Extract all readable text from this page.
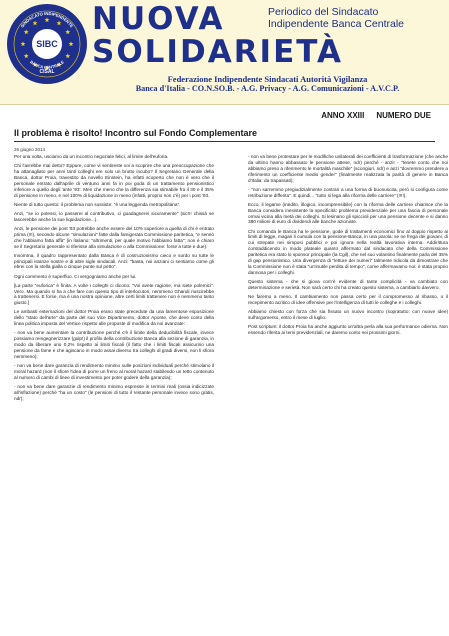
SIBC
CISAL
SINDACATO INDIPENDENTE
BANCA CENTRALE
NUOVA
SOLIDARIETÀ
Periodico del Sindacato
Indipendente Banca Centrale
Federazione Indipendente Sindacati Autorità Vigilanza
Banca d'Italia - CO.N.SO.B. - A.G. Privacy - A.G. Comunicazioni - A.V.C.P.
ANNO XXIII NUMERO DUE
Il problema è risolto! Incontro sul Fondo Complementare
26 giugno 2014

Per una volta, usciamo da un incontro negoziale felici, al limite dell'euforia.

Chi l'avrebbe mai detto? Eppure, come vi sentireste voi a scoprire che una preoccupazione che ha attanagliato per anni tanti colleghi ere solo un brutto incubo? Il Segretario Generale della Banca, dottor Proia, travestito da novello Einstein, ha infatti scoperto che non è vero che il personale entrato dall'aprile di ventuno anni fa in poi goda di un trattamento pensionistico inferiore a quello degli 'ante '93'. Men che meno che la differenza sia stimabile fra il 30 e il 35% di pensione in meno, e nel 100% di liquidazione in meno (infatti, proprio non c'è) per i post '93.

Niente di tutto questo: il problema non sussiste: "è una leggenda metropolitana".

Anzi, "se io potessi, io passerei al contributivo, ci guadagnerei sicuramente" (sic!!! chissà se lascerebbe anche la sue liquidazione...).

Anzi, le pensione dei post '93 potrebbe anche essere del 10% superiore a quella di chi è entrato prima (!!!), secondo alcune "simulazioni" fatte dalla famigerata Commissione paritetica, "e sennò che l'abbiamo fatta affà" (in italiano: "altrimenti, per quale motivo l'abbiamo fatta"; non è chiaro se il Segretario generale si riferisse alla simulazione o alla Commissione: forse a tutte e due).

Insomma, il quadro rappresentato dalla Banca è di costruzionismo cieco e sordo su tutte le principali istanze nostre e di altre sigle sindacali. Anzi: "basta, noi anziani ci sentiamo come gli ebrei con la stella gialla o cinque punte sul petto".

Ogni commento è superfluo. Ci vergogniamo anche per lui.

[La parte "euforica" è finita. A volte i colleghi ci dicono: "Voi avete ragione, ma siete polemici". Vero. Ma quando si ha a che fare con questo tipo di interlocutori, nemmeno Ghandi riuscirebbe a trattenersi. E forse, ma è una nostra opinione, altre certi limiti trattenere non è nemmeno tanto giusto.]

Le ambasti esternazioni del dottor Proia erano state precedute da una lamentose esposizione dello "stato dell'arte" da parte del suo Vice Dipartimento, dottor Aponte, che deve conto della linea politica imposta del Vertice rispetto alle proposte di modifica da noi avanzate:

- non va bene aumentare la contribuzione perché c'è il limite della deducibilità fiscale, invece possiamo reingegnerizzare (gulp!) il profilo della contribuzione Banca alla sezione di garanzia, in modo da liberare uno 0,2% rispetto ai limiti fiscali (il fatto che i limiti fiscali assicurino una pensione da fame e che agiscano in modo assai diverso tra colleghi di gradi diversi, non li sfiora nemmeno);

- non va bene dare garanzia di rendimento minimo sulle posizioni individuali perché stimolano il moral hazard (non il sfiore l'idea di porre un freno al moral hazard stabilendo un tetto contenuto al numero di cambi di linee di investimento per poter godere della garanzia);

- non va bene dare garanzie di rendimento minimo espresse in termini reali (ossia indicizzate all'inflazione) perché "ha un costo" (le pensioni di tutto il restante personale invece sono gratis, ndr);

- non va bene protestare per le modifiche unilaterali dei coefficienti di trasformazione (che anche da ultimo hanno abbassato le pensione attese, ndr) perché - anzi! - "tenete conto che noi abbiamo preso a riferimento le mortalità maschile" (scongiuri, ndr) e anzi "dovremmo prendere a riferimento un coefficiente medio gender" (finalmente realizzata la parità di genere in Banca d'Italia: da trapassati);

- "non sarremmo pregiudizialmente contrari a una forma di buonuscita, però si configura come retribuzione differita". E quindi... "tutto si lega alla riforma delle carriere" (!!!!).

Ecco, il legame (inedito, illogico, incomprensibile) con la riforma delle carriere chiarisce che la Banca considera inesistente la specificità: problema previdenziale per una fascia di personale ormai vicina alla metà dei colleghi. Si lesinano gli spiccioli per una pensione decente e si danno 380 milioni di euro di dividendi alle banche azioniste.

Chi comanda le Banca ha le pensione, gode di trattamenti economici fino al doppio rispetto ai limiti di legge, magari li cumula con la pensione-Banca, in una parola: se ne frega dei giovani, di cui strepate nei simposi pubblici e poi ignora nella realtà lavorativa interna. Addirittura contraddicendo in modo plateale quanto affermato dal sindacato che della Commissione paritetica era stato lo sponsor principale (la Cgil), che nel suo volantino finalmente parla del 35% di gap pensionistico. Una divergenza di "letture dei numeri" talmente ridicola da dimostrare che la Commissione non è stata "un'inutile perdita di tempo", come affermavamo noi: è stata proprio dannosa per i colleghi.

Questo sistema - che si giova com'è evidente di tante complicità - va cambiato con determinazione e serietà. Non sarà certo chi ha creato questo sistema, a cambiarlo davvero.

Ne faremo a meno. Il cambiamento non passa certo per il compromesso al ribasso, o il recepimento acritico di idee offensive per l'intelligenza di tutti le colleghe e i colleghi.

Abbiamo chiesto con forza che sia fissato un nuovo incontro (sopratutto: con nuove idee) sull'argomento, entro il mese di luglio.

Post scriptum: il dottor Proia ha anche aggiunto un'altra perla alla sua performance odierna. Non essendo riferita ai temi previdenziali, ne daremo conto nei prossimi giorni.
